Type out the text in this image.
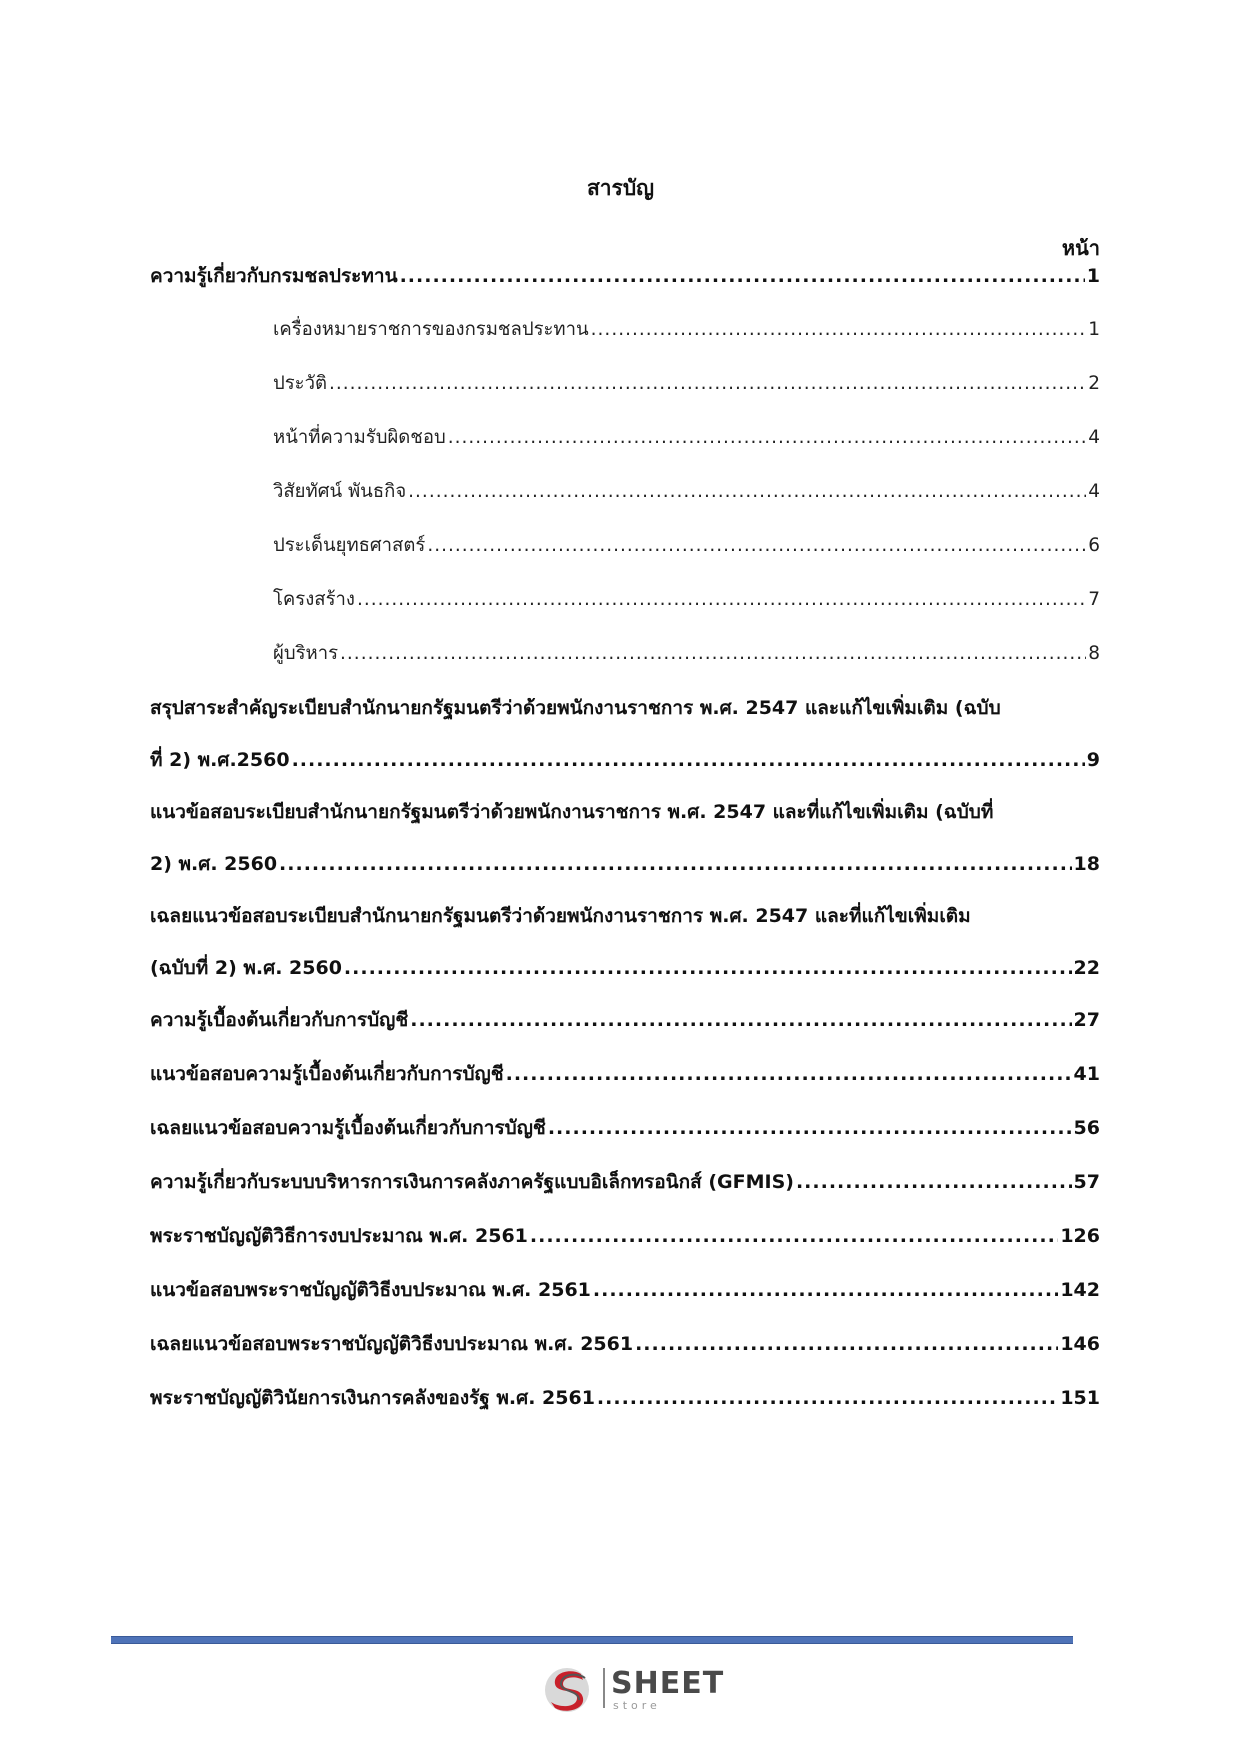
สารบัญ
หน้า
ความรู้เกี่ยวกับกรมชลประทาน .....	1
เครื่องหมายราชการของกรมชลประทาน .....	1
ประวัติ .....	2
หน้าที่ความรับผิดชอบ .....	4
วิสัยทัศน์ พันธกิจ .....	4
ประเด็นยุทธศาสตร์ .....	6
โครงสร้าง .....	7
ผู้บริหาร .....	8
สรุปสาระสำคัญระเบียบสำนักนายกรัฐมนตรีว่าด้วยพนักงานราชการ พ.ศ. 2547 และแก้ไขเพิ่มเติม (ฉบับ
ที่ 2) พ.ศ.2560 .....	9
แนวข้อสอบระเบียบสำนักนายกรัฐมนตรีว่าด้วยพนักงานราชการ พ.ศ. 2547 และที่แก้ไขเพิ่มเติม (ฉบับที่
2) พ.ศ. 2560 .....	18
เฉลยแนวข้อสอบระเบียบสำนักนายกรัฐมนตรีว่าด้วยพนักงานราชการ พ.ศ. 2547 และที่แก้ไขเพิ่มเติม
(ฉบับที่ 2) พ.ศ. 2560 .....	22
ความรู้เบื้องต้นเกี่ยวกับการบัญชี .....	27
แนวข้อสอบความรู้เบื้องต้นเกี่ยวกับการบัญชี .....	41
เฉลยแนวข้อสอบความรู้เบื้องต้นเกี่ยวกับการบัญชี .....	56
ความรู้เกี่ยวกับระบบบริหารการเงินการคลังภาครัฐแบบอิเล็กทรอนิกส์ (GFMIS) .....	57
พระราชบัญญัติวิธีการงบประมาณ พ.ศ. 2561 .....	126
แนวข้อสอบพระราชบัญญัติวิธีงบประมาณ พ.ศ. 2561 .....	142
เฉลยแนวข้อสอบพระราชบัญญัติวิธีงบประมาณ พ.ศ. 2561 .....	146
พระราชบัญญัติวินัยการเงินการคลังของรัฐ พ.ศ. 2561 .....	151
SHEET
store
